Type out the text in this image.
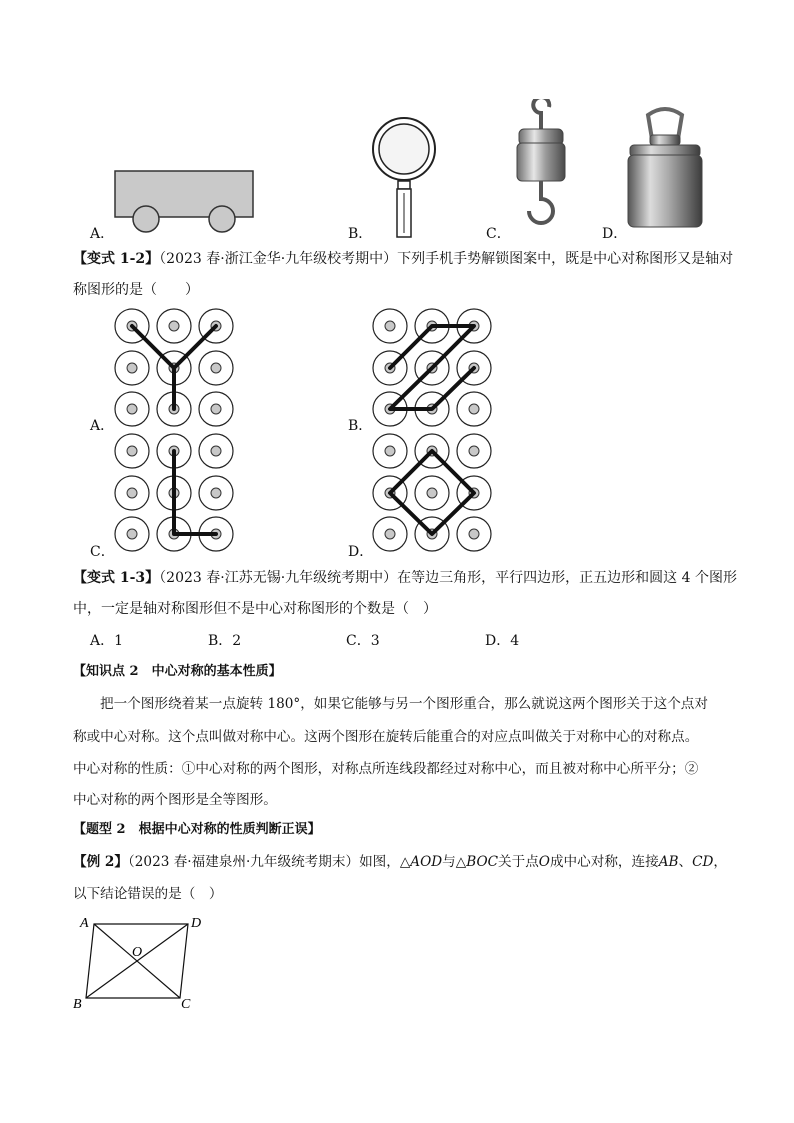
A．	B．	C．	D．
【变式 1-2】（2023 春·浙江金华·九年级校考期中）下列手机手势解锁图案中，既是中心对称图形又是轴对
称图形的是（　　）
A．	B．
C．	D．
【变式 1-3】（2023 春·江苏无锡·九年级统考期中）在等边三角形，平行四边形，正五边形和圆这 4 个图形
中，一定是轴对称图形但不是中心对称图形的个数是（　）
A．1	B．2	C．3	D．4
【知识点 2　中心对称的基本性质】
把一个图形绕着某一点旋转 180°，如果它能够与另一个图形重合，那么就说这两个图形关于这个点对
称或中心对称。这个点叫做对称中心。这两个图形在旋转后能重合的对应点叫做关于对称中心的对称点。
中心对称的性质：①中心对称的两个图形，对称点所连线段都经过对称中心，而且被对称中心所平分；②
中心对称的两个图形是全等图形。
【题型 2　根据中心对称的性质判断正误】
【例 2】（2023 春·福建泉州·九年级统考期末）如图，△AOD与△BOC关于点O成中心对称，连接AB、CD，
以下结论错误的是（　）
A	D
O
B	C
